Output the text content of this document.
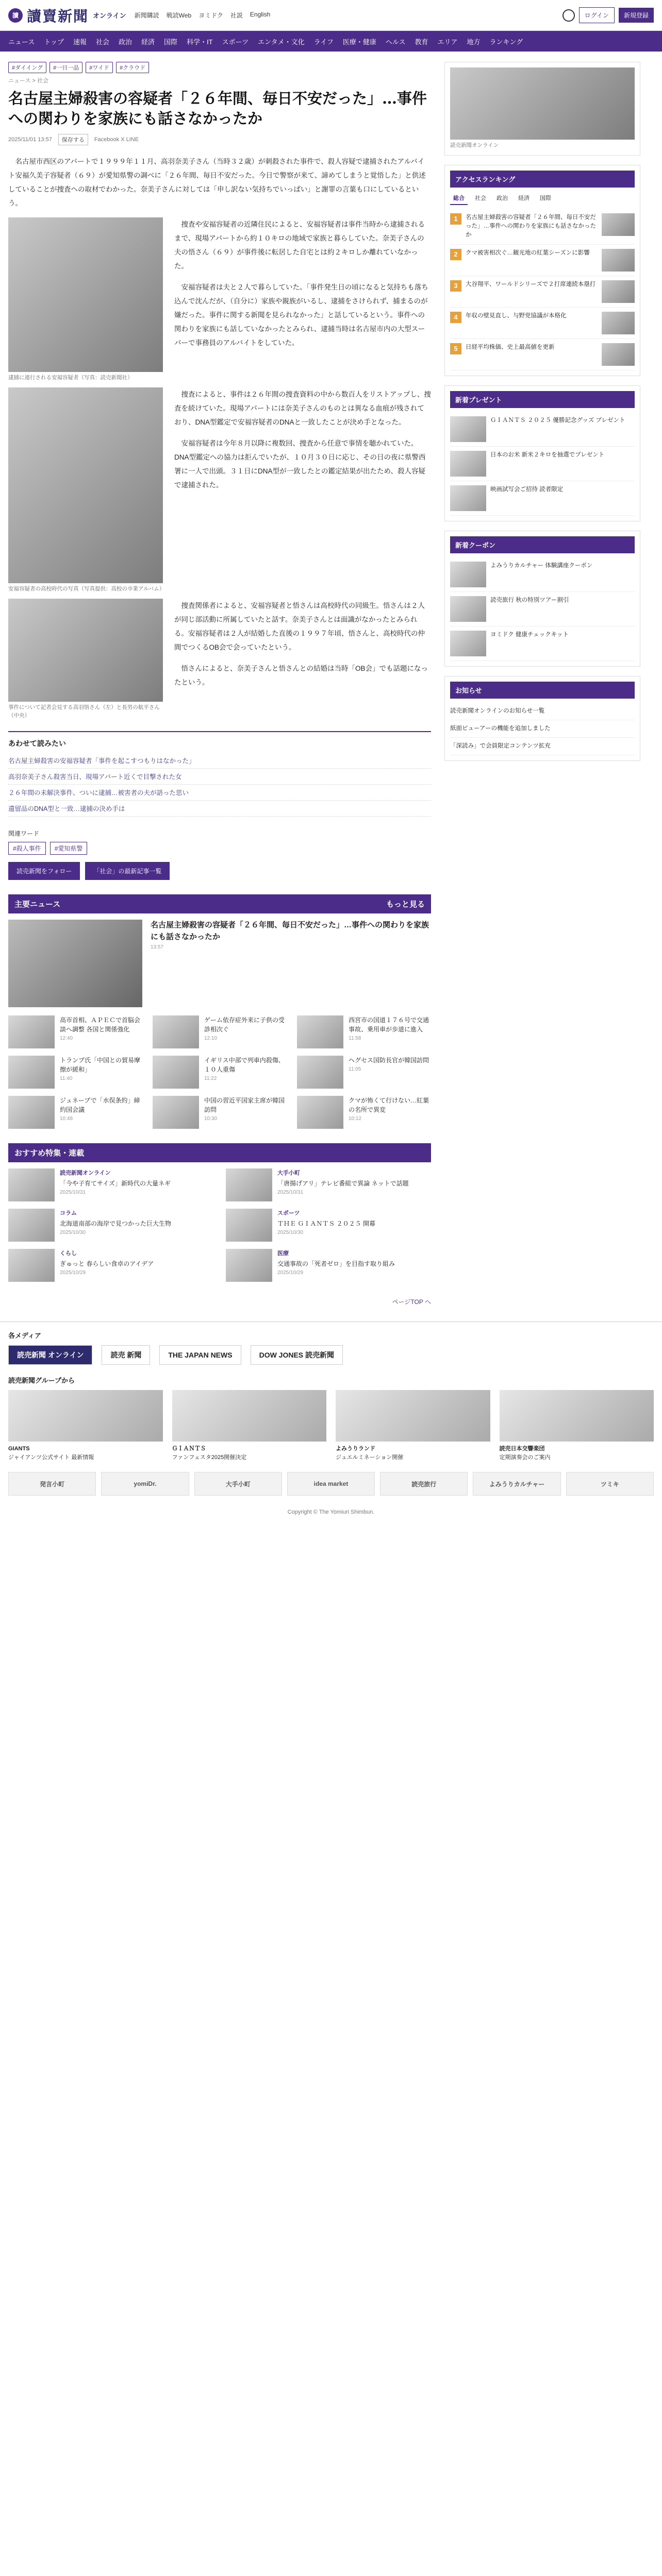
讀 讀賣新聞 オンライン 新聞購読 戦読Web ヨミドク 社説 English	ログイン	新規登録
ニュース トップ 速報 社会 政治 経済 国際 科学・IT スポーツ エンタメ・文化 ライフ 医療・健康 ヘルス 教育 エリア 地方 ランキング
#ダイイング	#一日一品	#ワイド	#クラウド
ニュース > 社会
名古屋主婦殺害の容疑者「２６年間、毎日不安だった」…事件への関わりを家族にも話さなかったか
2025/11/01 13:57	保存する	Facebook X LINE

名古屋市西区のアパートで１９９９年１１月、高羽奈美子さん（当時３２歳）が刺殺された事件で、殺人容疑で逮捕されたアルバイト安福久美子容疑者（６９）が愛知県警の調べに「２６年間、毎日不安だった。今日で警察が来て、諦めてしまうと覚悟した」と供述していることが捜査への取材でわかった。奈美子さんに対しては「申し訳ない気持ちでいっぱい」と謝罪の言葉も口にしているという。

逮捕に連行される安福容疑者（写真：読売新聞社）

捜査や安福容疑者の近隣住民によると、安福容疑者は事件当時から逮捕されるまで、現場アパートから約１０キロの地域で家族と暮らしていた。奈美子さんの夫の悟さん（６９）が事件後に転居した自宅とは約２キロしか離れていなかった。

安福容疑者は夫と２人で暮らしていた。「事件発生日の頃になると気持ちも落ち込んで沈んだが、（自分に）家族や親族がいるし、逮捕をさけられず、捕まるのが嫌だった。事件に関する新聞を見られなかった」と話しているという。事件への関わりを家族にも話していなかったとみられ、逮捕当時は名古屋市内の大型スーパーで事務員のアルバイトをしていた。

安福容疑者の高校時代の写真（写真提供：高校の卒業アルバム）

捜査によると、事件は２６年間の捜査資料の中から数百人をリストアップし、捜査を続けていた。現場アパートには奈美子さんのものとは異なる血痕が残されており、DNA型鑑定で安福容疑者のDNAと一致したことが決め手となった。

安福容疑者は今年８月以降に複数回、捜査から任意で事情を聴かれていた。DNA型鑑定への協力は拒んでいたが、１０月３０日に応じ、その日の夜に県警西署に一人で出頭。３１日にDNA型が一致したとの鑑定結果が出たため、殺人容疑で逮捕された。

事件について記者会見する高羽悟さん（左）と長男の航平さん（中央）

捜査関係者によると、安福容疑者と悟さんは高校時代の同級生。悟さんは２人が同じ部活動に所属していたと話す。奈美子さんとは面識がなかったとみられる。安福容疑者は２人が結婚した直後の１９９７年頃、悟さんと、高校時代の仲間でつくるOB会で会っていたという。

悟さんによると、奈美子さんと悟さんとの結婚は当時「OB会」でも話題になったという。

あわせて読みたい
名古屋主婦殺害の安福容疑者「事件を起こすつもりはなかった」
高羽奈美子さん殺害当日、現場アパート近くで目撃された女
２６年間の未解決事件、ついに逮捕…被害者の夫が語った思い
遺留品のDNA型と一致…逮捕の決め手は
関連ワード
#殺人事件	#愛知県警
読売新聞をフォロー	「社会」の最新記事一覧
主要ニュース	もっと見る
名古屋主婦殺害の容疑者「２６年間、毎日不安だった」…事件への関わりを家族にも話さなかったか
13:57
高市首相、ＡＰＥＣで首脳会談へ調整 各国と関係強化
12:40
ゲーム依存症外来に子供の受診相次ぐ
12:10
西宮市の国道１７６号で交通事故、乗用車が歩道に進入
11:58
トランプ氏「中国との貿易摩擦が緩和」
11:40
イギリス中部で列車内殺傷、１０人重傷
11:22
ヘグセス国防長官が韓国訪問
11:05
ジュネーブで「水俣条約」締約国会議
10:48
中国の習近平国家主席が韓国訪問
10:30
クマが怖くて行けない…紅葉の名所で異変
10:12
おすすめ特集・連載
読売新聞オンライン
「今や子育てサイズ」新時代の大量ネギ
2025/10/31
大手小町
「唐揚げアリ」テレビ番組で異論 ネットで話題
2025/10/31
コラム
北海道南部の海岸で見つかった巨大生物
2025/10/30
スポーツ
ＴＨＥ ＧＩＡＮＴＳ ２０２５ 開幕
2025/10/30
くらし
ぎゅっと 春らしい食卓のアイデア
2025/10/29
医療
交通事故の「死者ゼロ」を目指す取り組み
2025/10/29
ページTOP へ
読売新聞オンライン
アクセスランキング
総合	社会	政治	経済	国際
1	名古屋主婦殺害の容疑者「２６年間、毎日不安だった」…事件への関わりを家族にも話さなかったか
2	クマ被害相次ぐ…観光地の紅葉シーズンに影響
3	大谷翔平、ワールドシリーズで２打席連続本塁打
4	年収の壁見直し、与野党協議が本格化
5	日経平均株価、史上最高値を更新
新着プレゼント
ＧＩＡＮＴＳ ２０２５ 優勝記念グッズ プレゼント
日本のお米 新米２キロを抽選でプレゼント
映画試写会ご招待 読者限定
新着クーポン
よみうりカルチャー 体験講座クーポン
読売旅行 秋の特別ツアー割引
ヨミドク 健康チェックキット
お知らせ
読売新聞オンラインのお知らせ一覧
紙面ビューアーの機能を追加しました
「深読み」で会員限定コンテンツ拡充
各メディア
読売新聞 オンライン	読売 新聞	THE JAPAN NEWS	DOW JONES 読売新聞
読売新聞グループから
GIANTS
ジャイアンツ公式サイト 最新情報
ＧＩＡＮＴＳ
ファンフェスタ2025開催決定
よみうりランド
ジュエルミネーション開催
読売日本交響楽団
定期演奏会のご案内
発言小町	yomiDr.	大手小町	idea market	読売旅行	よみうりカルチャー	ツミキ
Copyright © The Yomiuri Shimbun.
